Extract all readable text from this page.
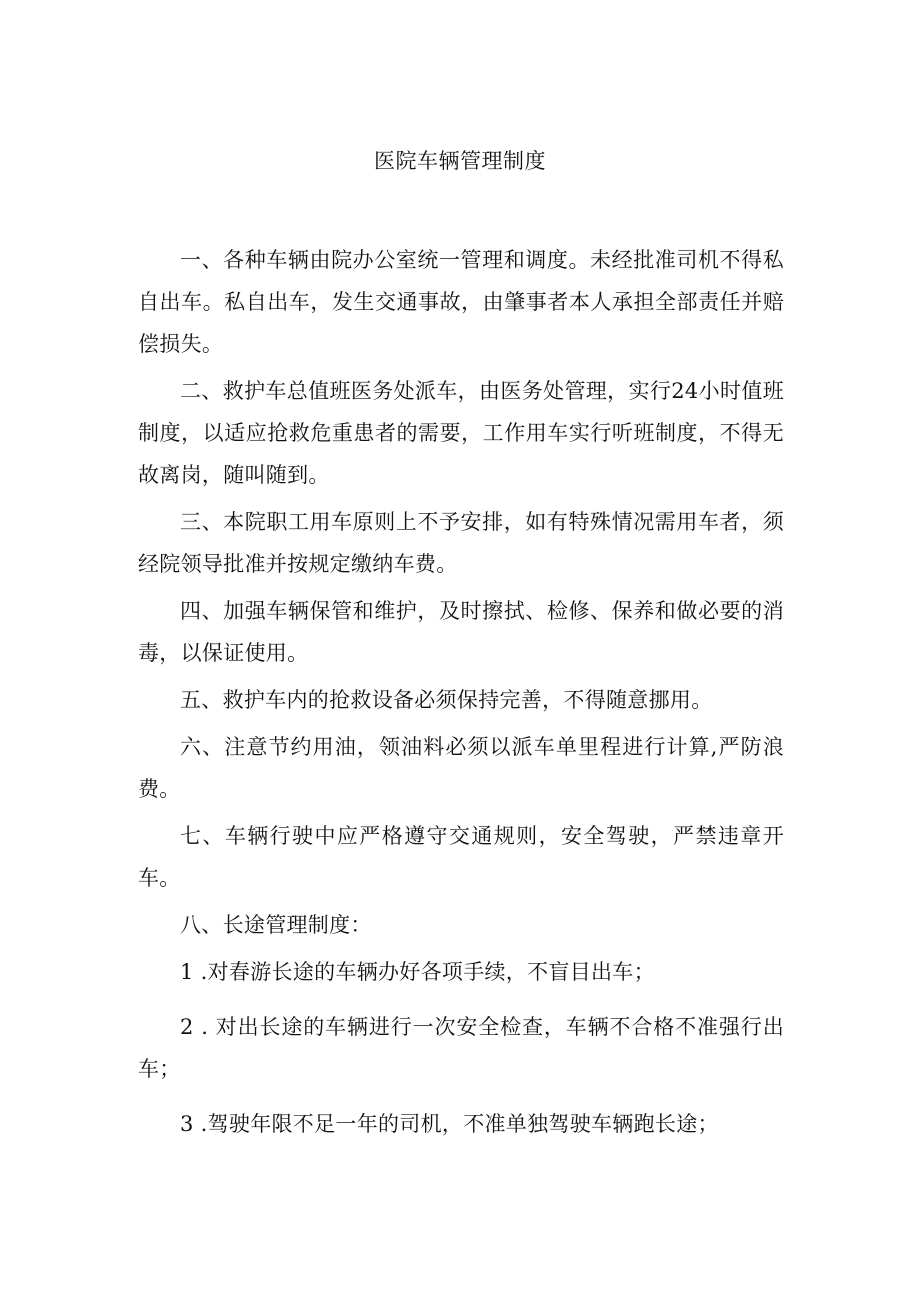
医院车辆管理制度

一、各种车辆由院办公室统一管理和调度。未经批准司机不得私自出车。私自出车，发生交通事故，由肇事者本人承担全部责任并赔偿损失。

二、救护车总值班医务处派车，由医务处管理，实行24小时值班制度，以适应抢救危重患者的需要，工作用车实行听班制度，不得无故离岗，随叫随到。

三、本院职工用车原则上不予安排，如有特殊情况需用车者，须经院领导批准并按规定缴纳车费。

四、加强车辆保管和维护，及时擦拭、检修、保养和做必要的消毒，以保证使用。

五、救护车内的抢救设备必须保持完善，不得随意挪用。

六、注意节约用油，领油料必须以派车单里程进行计算,严防浪费。

七、车辆行驶中应严格遵守交通规则，安全驾驶，严禁违章开车。

八、长途管理制度：

1 .对春游长途的车辆办好各项手续，不盲目出车；

2 . 对出长途的车辆进行一次安全检查，车辆不合格不准强行出车；

3 .驾驶年限不足一年的司机，不准单独驾驶车辆跑长途；
